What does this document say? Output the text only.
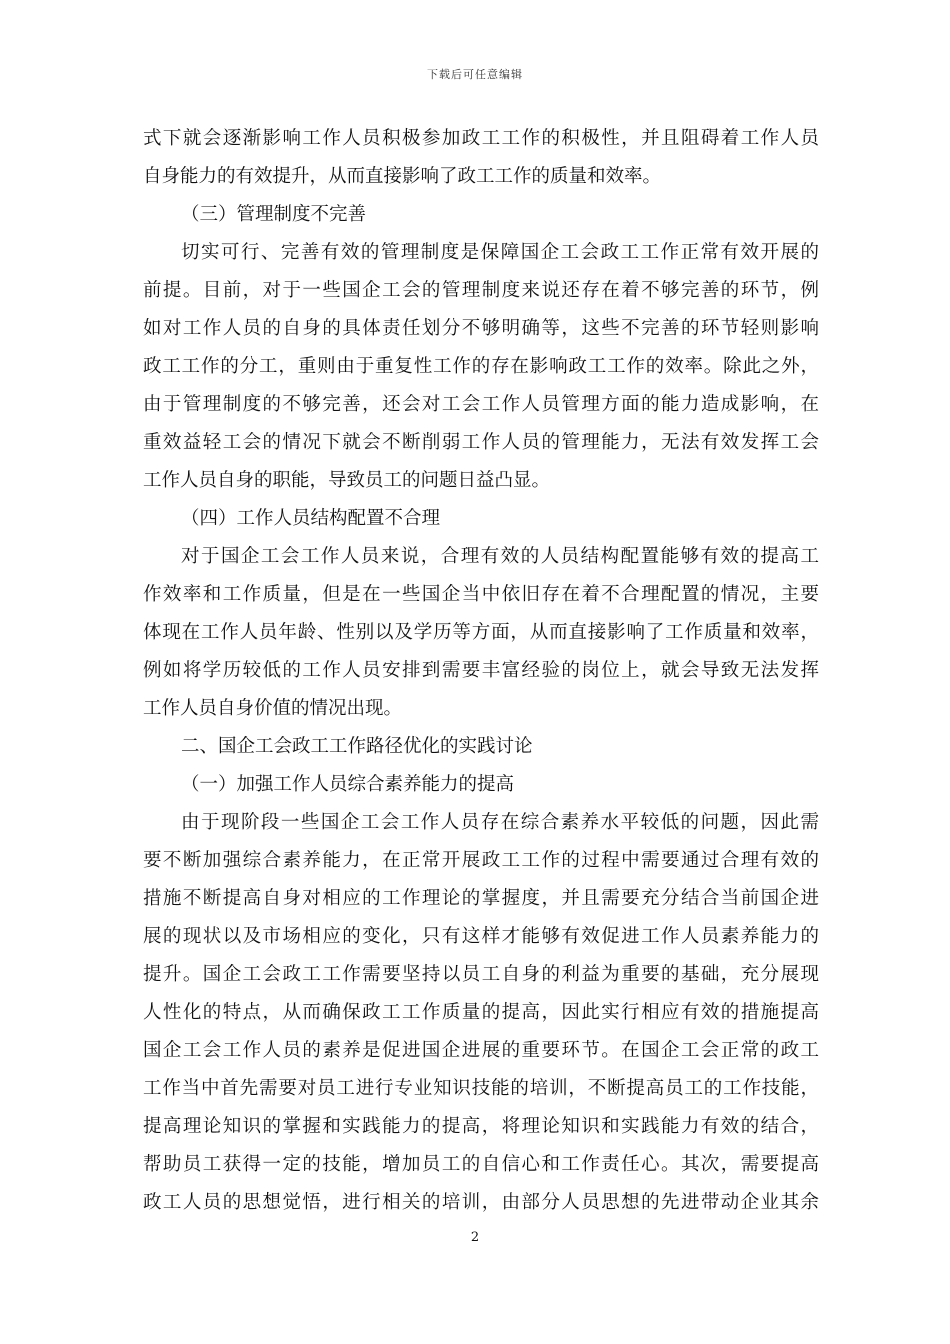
下载后可任意编辑
式下就会逐渐影响工作人员积极参加政工工作的积极性，并且阻碍着工作人员
自身能力的有效提升，从而直接影响了政工工作的质量和效率。
（三）管理制度不完善
切实可行、完善有效的管理制度是保障国企工会政工工作正常有效开展的
前提。目前，对于一些国企工会的管理制度来说还存在着不够完善的环节，例
如对工作人员的自身的具体责任划分不够明确等，这些不完善的环节轻则影响
政工工作的分工，重则由于重复性工作的存在影响政工工作的效率。除此之外，
由于管理制度的不够完善，还会对工会工作人员管理方面的能力造成影响，在
重效益轻工会的情况下就会不断削弱工作人员的管理能力，无法有效发挥工会
工作人员自身的职能，导致员工的问题日益凸显。
（四）工作人员结构配置不合理
对于国企工会工作人员来说，合理有效的人员结构配置能够有效的提高工
作效率和工作质量，但是在一些国企当中依旧存在着不合理配置的情况，主要
体现在工作人员年龄、性别以及学历等方面，从而直接影响了工作质量和效率，
例如将学历较低的工作人员安排到需要丰富经验的岗位上，就会导致无法发挥
工作人员自身价值的情况出现。
二、国企工会政工工作路径优化的实践讨论
（一）加强工作人员综合素养能力的提高
由于现阶段一些国企工会工作人员存在综合素养水平较低的问题，因此需
要不断加强综合素养能力，在正常开展政工工作的过程中需要通过合理有效的
措施不断提高自身对相应的工作理论的掌握度，并且需要充分结合当前国企进
展的现状以及市场相应的变化，只有这样才能够有效促进工作人员素养能力的
提升。国企工会政工工作需要坚持以员工自身的利益为重要的基础，充分展现
人性化的特点，从而确保政工工作质量的提高，因此实行相应有效的措施提高
国企工会工作人员的素养是促进国企进展的重要环节。在国企工会正常的政工
工作当中首先需要对员工进行专业知识技能的培训，不断提高员工的工作技能，
提高理论知识的掌握和实践能力的提高，将理论知识和实践能力有效的结合，
帮助员工获得一定的技能，增加员工的自信心和工作责任心。其次，需要提高
政工人员的思想觉悟，进行相关的培训，由部分人员思想的先进带动企业其余
2
